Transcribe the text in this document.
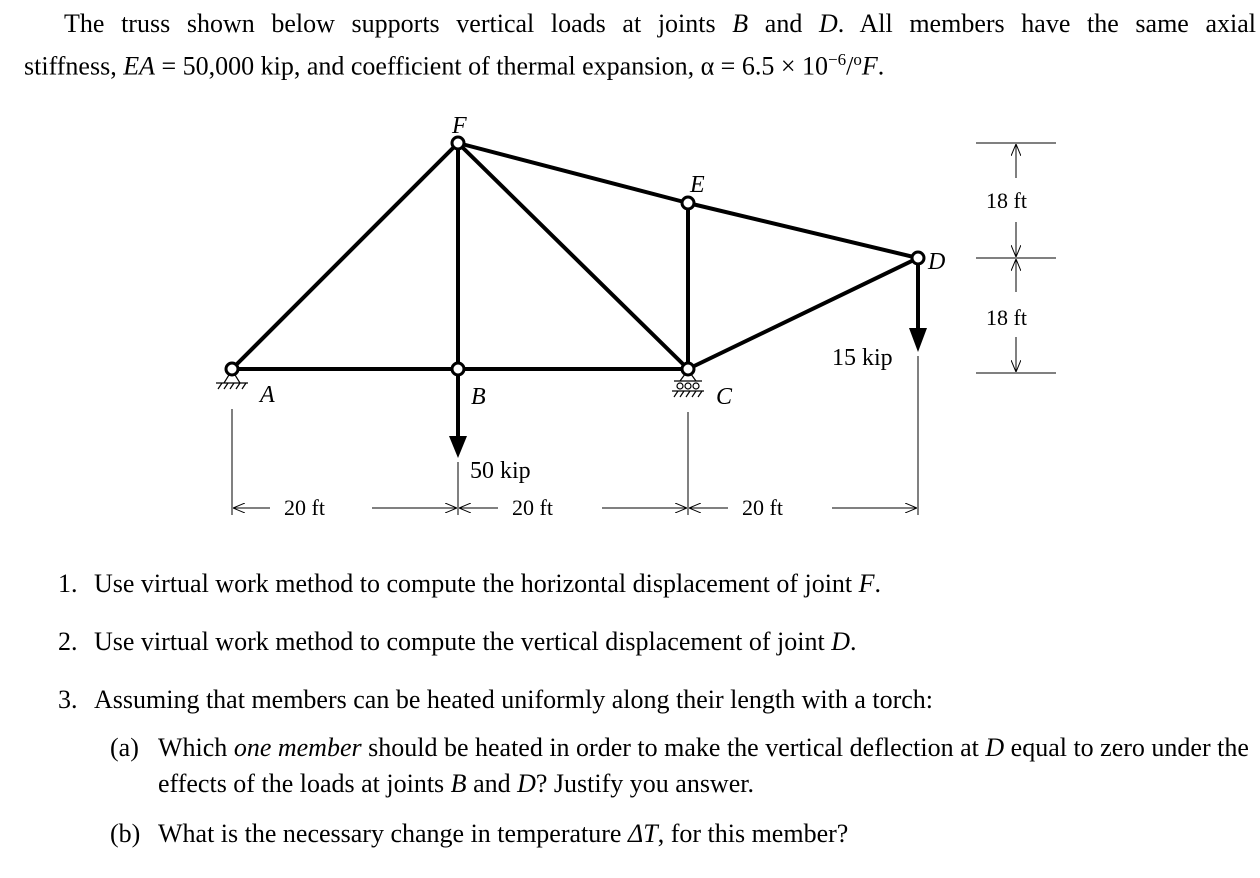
The truss shown below supports vertical loads at joints B and D. All members have the same axial
stiffness, EA = 50,000 kip, and coefficient of thermal expansion, $\alpha = 6.5 \times 10^{-6}/^oF$.

A	B	C
D
E
F
50 kip
15 kip
20 ft	20 ft	20 ft
18 ft
18 ft
1. Use virtual work method to compute the horizontal displacement of joint F.
2. Use virtual work method to compute the vertical displacement of joint D.
3. Assuming that members can be heated uniformly along their length with a torch:
(a) Which one member should be heated in order to make the vertical deflection at D equal to zero under the effects of the loads at joints B and D? Justify you answer.
(b) What is the necessary change in temperature ΔT, for this member?
